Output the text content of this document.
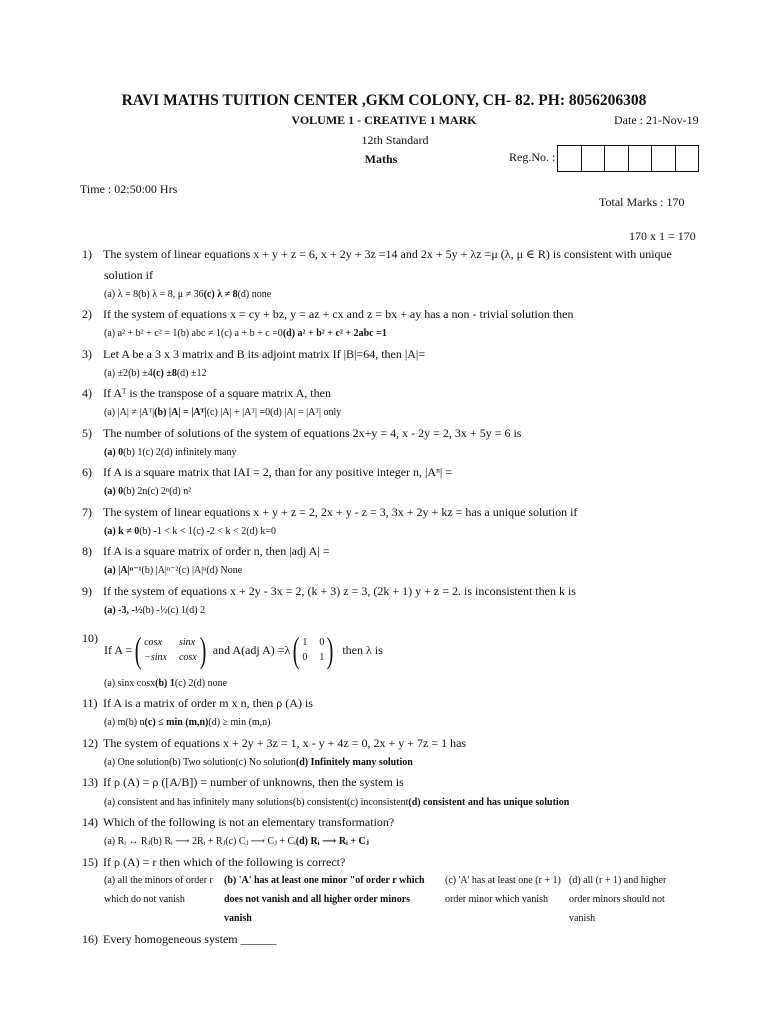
RAVI MATHS TUITION CENTER ,GKM COLONY, CH- 82. PH: 8056206308
VOLUME 1 - CREATIVE 1 MARK	Date : 21-Nov-19
12th Standard
Maths	Reg.No. :
Time : 02:50:00 Hrs
Total Marks : 170
170 x 1 = 170
1) The system of linear equations x + y + z = 6, x + 2y + 3z =14 and 2x + 5y + λz =μ (λ, μ ∈ R) is consistent with unique
solution if
(a) λ = 8(b) λ = 8, μ ≠ 36(c) λ ≠ 8(d) none
2) If the system of equations x = cy + bz, y = az + cx and z = bx + ay has a non - trivial solution then
(a) a² + b² + c² = 1(b) abc ≠ 1(c) a + b + c =0(d) a² + b² + c² + 2abc =1
3) Let A be a 3 x 3 matrix and B its adjoint matrix If |B|=64, then |A|=
(a) ±2(b) ±4(c) ±8(d) ±12
4) If Aᵀ is the transpose of a square matrix A, then
(a) |A| ≠ |Aᵀ|(b) |A| = |Aᵀ|(c) |A| + |Aᵀ| =0(d) |A| = |Aᵀ| only
5) The number of solutions of the system of equations 2x+y = 4, x - 2y = 2, 3x + 5y = 6 is
(a) 0(b) 1(c) 2(d) infinitely many
6) If A is a square matrix that IAI = 2, than for any positive integer n, |Aⁿ| =
(a) 0(b) 2n(c) 2ⁿ(d) n²
7) The system of linear equations x + y + z = 2, 2x + y - z = 3, 3x + 2y + kz = has a unique solution if
(a) k ≠ 0(b) -1 < k < 1(c) -2 < k < 2(d) k=0
8) If A is a square matrix of order n, then |adj A| =
(a) |A|ⁿ⁻¹(b) |A|ⁿ⁻²(c) |A|ⁿ(d) None
9) If the system of equations x + 2y - 3x = 2, (k + 3) z = 3, (2k + 1) y + z = 2. is inconsistent then k is
(a) -3, -½(b) -½(c) 1(d) 2
10)
If A = ( cosx	sinx
−sinx cosx ) and A(adj A) =λ ( 1 0
0 1 ) then λ is
(a) sinx cosx(b) 1(c) 2(d) none
11) If A is a matrix of order m x n, then ρ (A) is
(a) m(b) n(c) ≤ min (m,n)(d) ≥ min (m,n)
12) The system of equations x + 2y + 3z = 1, x - y + 4z = 0, 2x + y + 7z = 1 has
(a) One solution(b) Two solution(c) No solution(d) Infinitely many solution
13) If ρ (A) = ρ ([A/B]) = number of unknowns, then the system is
(a) consistent and has infinitely many solutions(b) consistent(c) inconsistent(d) consistent and has unique solution
14) Which of the following is not an elementary transformation?
(a) Rᵢ ↔ Rⱼ(b) Rᵢ ⟶ 2Rᵢ + Rⱼ(c) Cⱼ ⟶ Cⱼ + Cᵢ(d) Rᵢ ⟶ Rᵢ + Cⱼ
15) If ρ (A) = r then which of the following is correct?
(a) all the minors of order r which do not vanish
(b) 'A' has at least one minor "of order r which does not vanish and all higher order minors vanish
(c) 'A' has at least one (r + 1) order minor which vanish
(d) all (r + 1) and higher order minors should not vanish
16) Every homogeneous system ______
